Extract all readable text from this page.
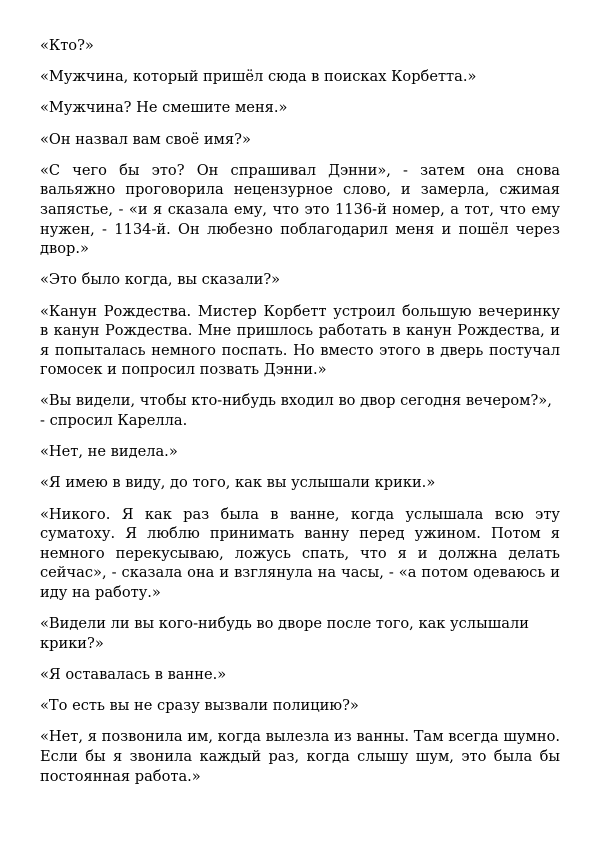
«Кто?»

«Мужчина, который пришёл сюда в поисках Корбетта.»

«Мужчина? Не смешите меня.»

«Он назвал вам своё имя?»

«С чего бы это? Он спрашивал Дэнни», - затем она снова вальяжно проговорила нецензурное слово, и замерла, сжимая запястье, - «и я сказала ему, что это 1136-й номер, а тот, что ему нужен, - 1134-й. Он любезно поблагодарил меня и пошёл через двор.»

«Это было когда, вы сказали?»

«Канун Рождества. Мистер Корбетт устроил большую вечеринку в канун Рождества. Мне пришлось работать в канун Рождества, и я попыталась немного поспать. Но вместо этого в дверь постучал гомосек и попросил позвать Дэнни.»

«Вы видели, чтобы кто-нибудь входил во двор сегодня вечером?», - спросил Карелла.

«Нет, не видела.»

«Я имею в виду, до того, как вы услышали крики.»

«Никого. Я как раз была в ванне, когда услышала всю эту суматоху. Я люблю принимать ванну перед ужином. Потом я немного перекусываю, ложусь спать, что я и должна делать сейчас», - сказала она и взглянула на часы, - «а потом одеваюсь и иду на работу.»

«Видели ли вы кого-нибудь во дворе после того, как услышали крики?»

«Я оставалась в ванне.»

«То есть вы не сразу вызвали полицию?»

«Нет, я позвонила им, когда вылезла из ванны. Там всегда шумно. Если бы я звонила каждый раз, когда слышу шум, это была бы постоянная работа.»
